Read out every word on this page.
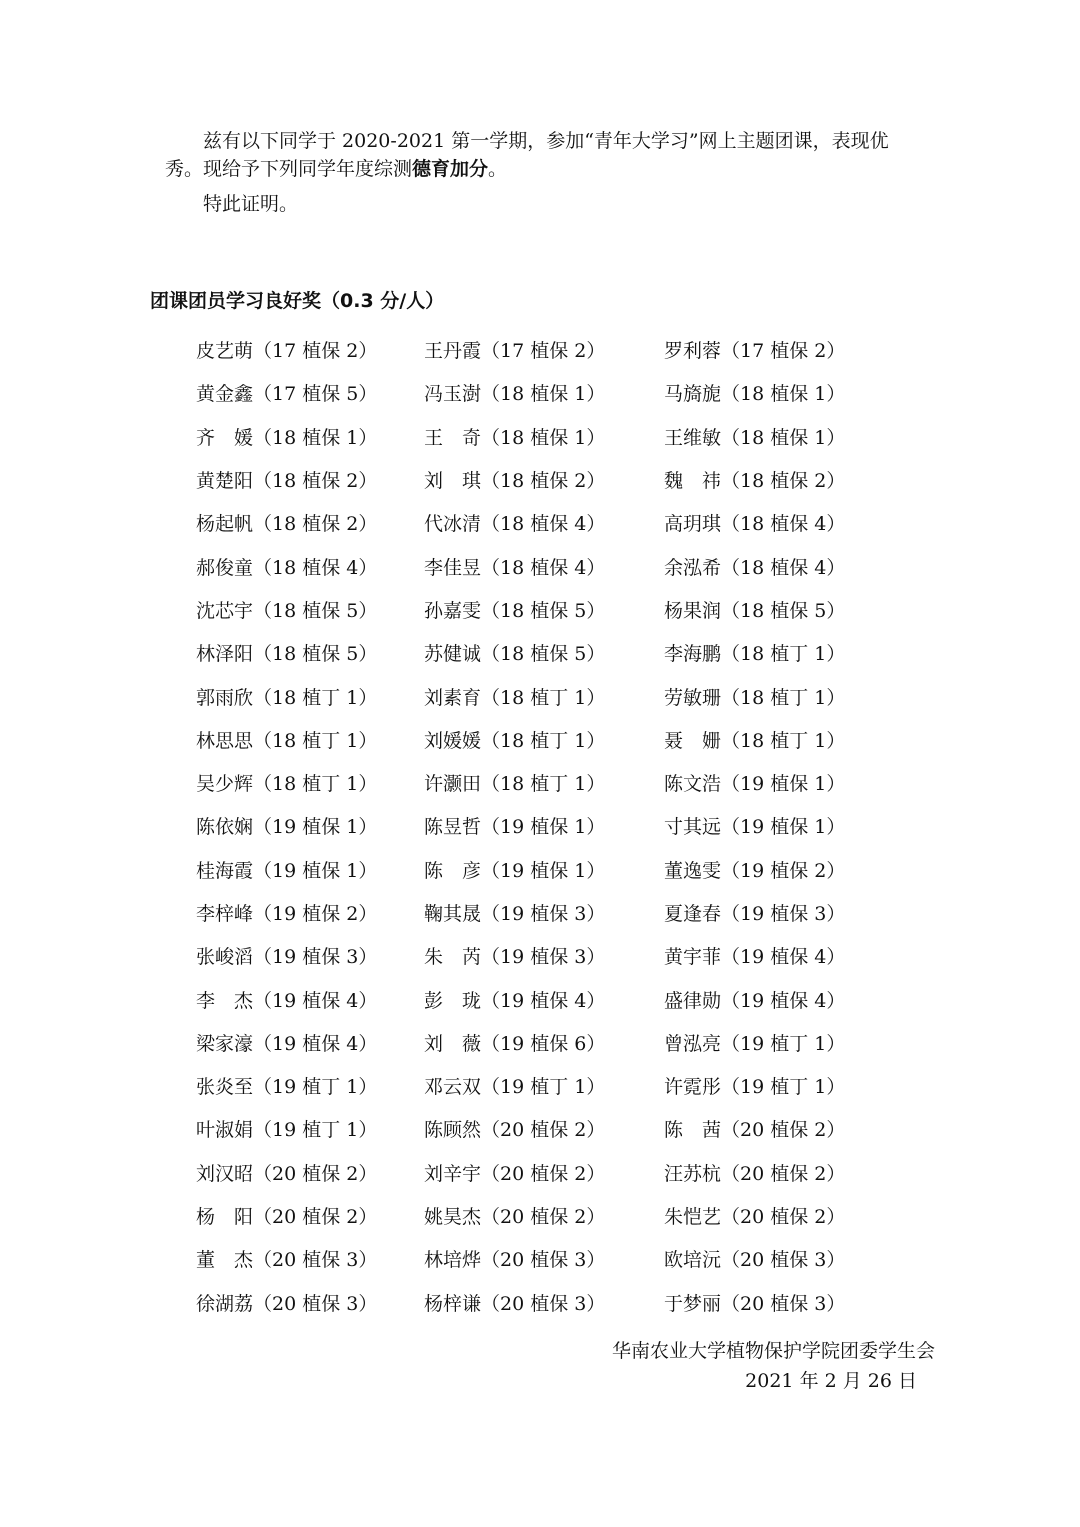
兹有以下同学于 2020-2021 第一学期，参加“青年大学习”网上主题团课，表现优秀。现给予下列同学年度综测德育加分。
特此证明。
团课团员学习良好奖（0.3 分/人）
皮艺萌（17 植保 2）	王丹霞（17 植保 2）	罗利蓉（17 植保 2）
黄金鑫（17 植保 5）	冯玉澍（18 植保 1）	马旖旎（18 植保 1）
齐　媛（18 植保 1）	王　奇（18 植保 1）	王维敏（18 植保 1）
黄楚阳（18 植保 2）	刘　琪（18 植保 2）	魏　祎（18 植保 2）
杨起帆（18 植保 2）	代冰清（18 植保 4）	高玥琪（18 植保 4）
郝俊童（18 植保 4）	李佳昱（18 植保 4）	余泓希（18 植保 4）
沈芯宇（18 植保 5）	孙嘉雯（18 植保 5）	杨果润（18 植保 5）
林泽阳（18 植保 5）	苏健诚（18 植保 5）	李海鹏（18 植丁 1）
郭雨欣（18 植丁 1）	刘素育（18 植丁 1）	劳敏珊（18 植丁 1）
林思思（18 植丁 1）	刘媛媛（18 植丁 1）	聂　姗（18 植丁 1）
吴少辉（18 植丁 1）	许灏田（18 植丁 1）	陈文浩（19 植保 1）
陈依娴（19 植保 1）	陈昱哲（19 植保 1）	寸其远（19 植保 1）
桂海霞（19 植保 1）	陈　彦（19 植保 1）	董逸雯（19 植保 2）
李梓峰（19 植保 2）	鞠其晟（19 植保 3）	夏逢春（19 植保 3）
张峻滔（19 植保 3）	朱　芮（19 植保 3）	黄宇菲（19 植保 4）
李　杰（19 植保 4）	彭　珑（19 植保 4）	盛律勋（19 植保 4）
梁家濠（19 植保 4）	刘　薇（19 植保 6）	曾泓亮（19 植丁 1）
张炎至（19 植丁 1）	邓云双（19 植丁 1）	许霓彤（19 植丁 1）
叶淑娟（19 植丁 1）	陈顾然（20 植保 2）	陈　茜（20 植保 2）
刘汉昭（20 植保 2）	刘辛宇（20 植保 2）	汪苏杭（20 植保 2）
杨　阳（20 植保 2）	姚昊杰（20 植保 2）	朱恺艺（20 植保 2）
董　杰（20 植保 3）	林培烨（20 植保 3）	欧培沅（20 植保 3）
徐湖荔（20 植保 3）	杨梓谦（20 植保 3）	于梦丽（20 植保 3）
华南农业大学植物保护学院团委学生会
2021 年 2 月 26 日
